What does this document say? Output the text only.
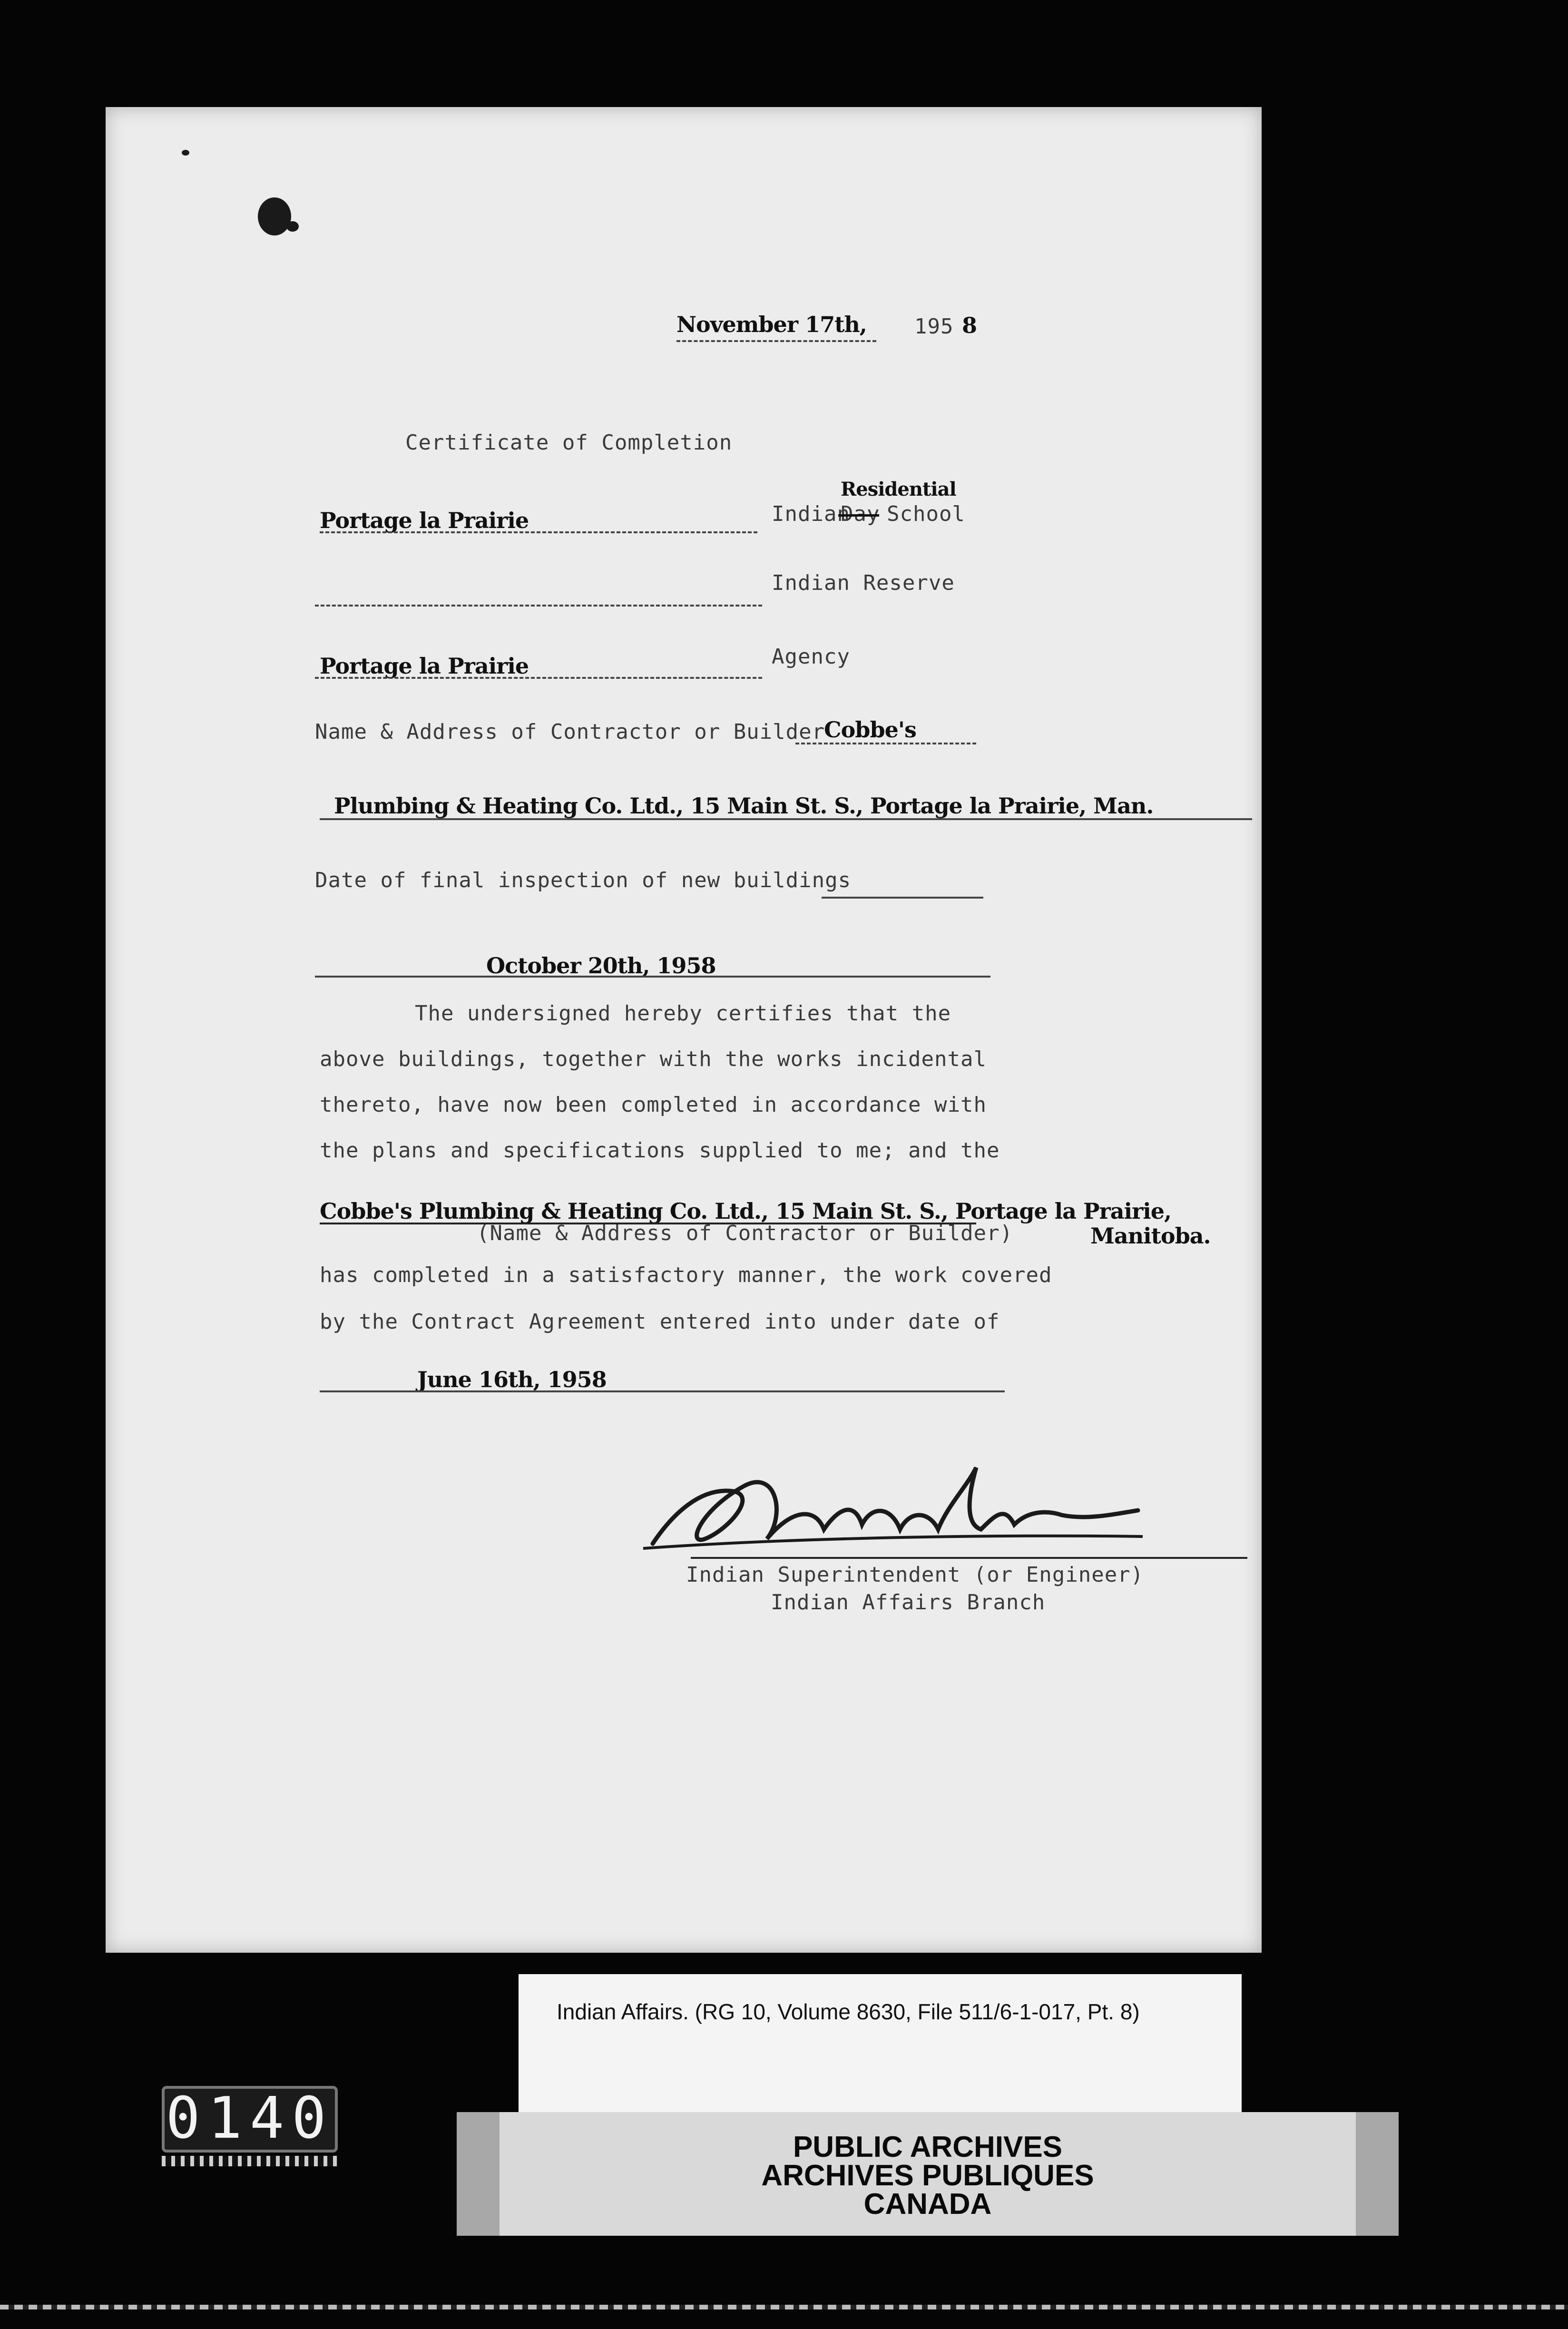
November 17th, 195 8
Certificate of Completion
Portage la Prairie	Indian
Day
Residential
School
Indian Reserve
Portage la Prairie	Agency
Name & Address of Contractor or Builder
Cobbe's
Plumbing & Heating Co. Ltd., 15 Main St. S., Portage la Prairie, Man.
Date of final inspection of new buildings
October 20th, 1958
The undersigned hereby certifies that the
above buildings, together with the works incidental
thereto, have now been completed in accordance with
the plans and specifications supplied to me; and the
Cobbe's Plumbing & Heating Co. Ltd., 15 Main St. S., Portage la Prairie,
(Name & Address of Contractor or Builder)	Manitoba.
has completed in a satisfactory manner, the work covered
by the Contract Agreement entered into under date of
June 16th, 1958
Indian Superintendent (or Engineer)
Indian Affairs Branch
Indian Affairs. (RG 10, Volume 8630, File 511/6-1-017, Pt. 8)
PUBLIC ARCHIVES
ARCHIVES PUBLIQUES
CANADA
0140
